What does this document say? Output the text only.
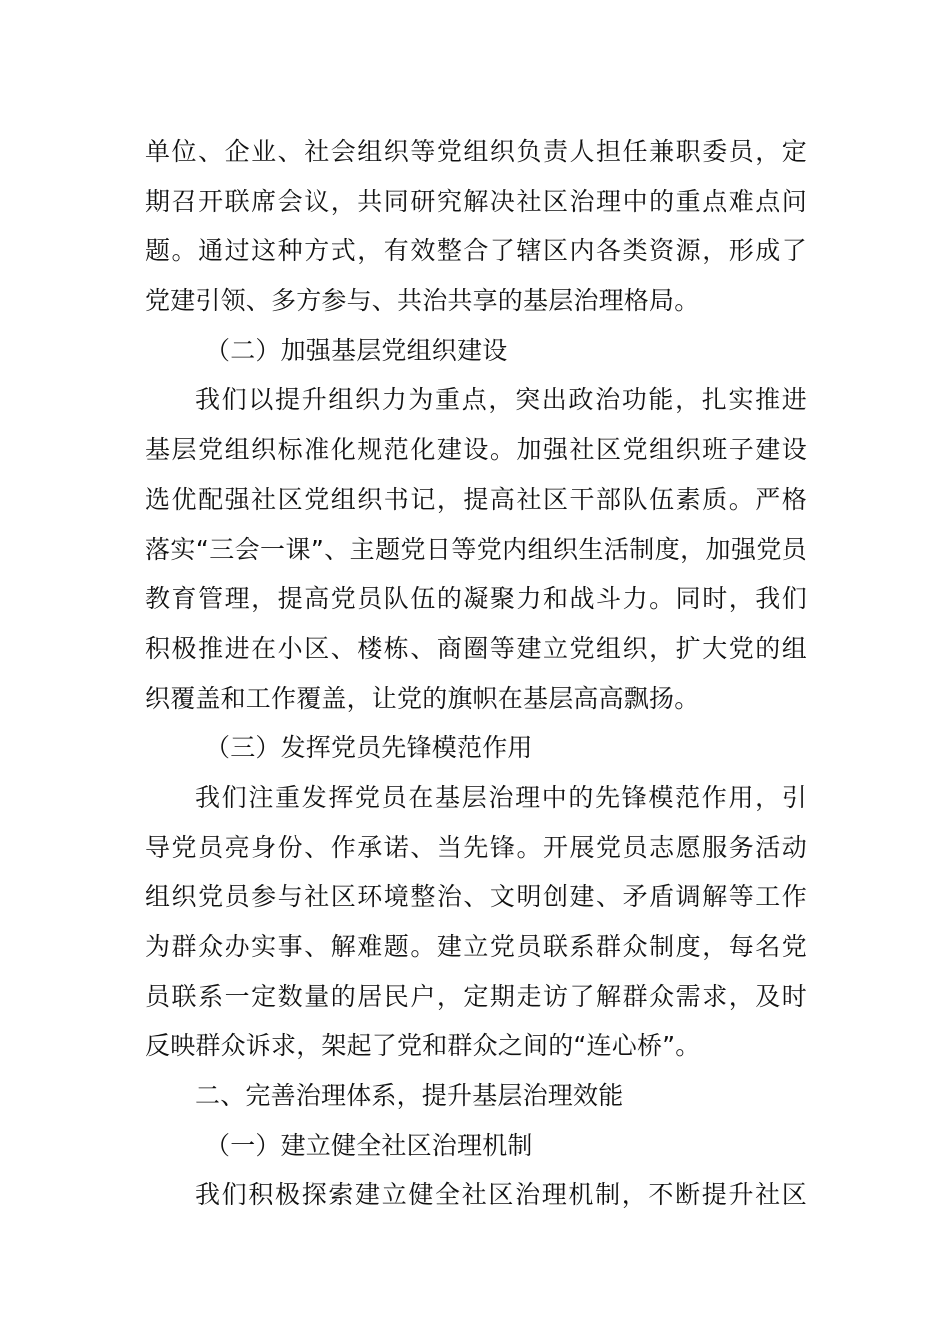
单位、企业、社会组织等党组织负责人担任兼职委员，定
期召开联席会议，共同研究解决社区治理中的重点难点问
题。通过这种方式，有效整合了辖区内各类资源，形成了
党建引领、多方参与、共治共享的基层治理格局。
（二）加强基层党组织建设
我们以提升组织力为重点，突出政治功能，扎实推进
基层党组织标准化规范化建设。加强社区党组织班子建设
选优配强社区党组织书记，提高社区干部队伍素质。严格
落实“三会一课”、主题党日等党内组织生活制度，加强党员
教育管理，提高党员队伍的凝聚力和战斗力。同时，我们
积极推进在小区、楼栋、商圈等建立党组织，扩大党的组
织覆盖和工作覆盖，让党的旗帜在基层高高飘扬。
（三）发挥党员先锋模范作用
我们注重发挥党员在基层治理中的先锋模范作用，引
导党员亮身份、作承诺、当先锋。开展党员志愿服务活动
组织党员参与社区环境整治、文明创建、矛盾调解等工作
为群众办实事、解难题。建立党员联系群众制度，每名党
员联系一定数量的居民户，定期走访了解群众需求，及时
反映群众诉求，架起了党和群众之间的“连心桥”。
二、完善治理体系，提升基层治理效能
（一）建立健全社区治理机制
我们积极探索建立健全社区治理机制，不断提升社区
